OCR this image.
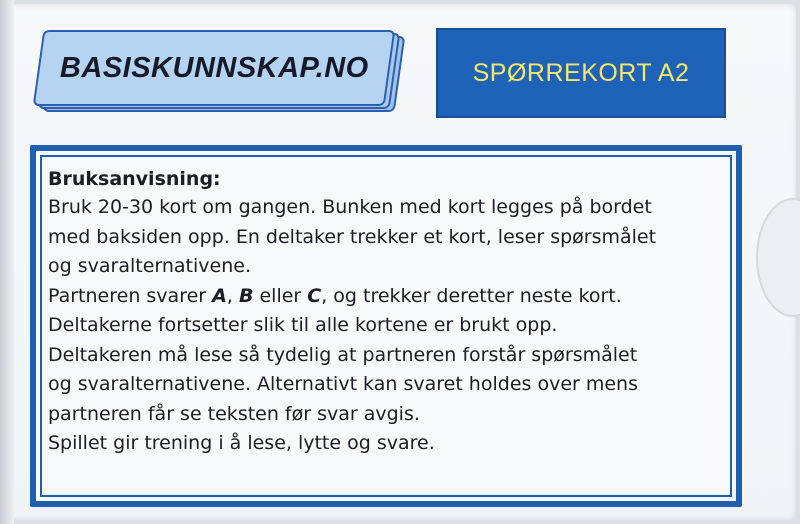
BASISKUNNSKAP.NO	SPØRREKORT A2

Bruksanvisning:

Bruk 20-30 kort om gangen. Bunken med kort legges på bordet

med baksiden opp. En deltaker trekker et kort, leser spørsmålet

og svaralternativene.

Partneren svarer A, B eller C, og trekker deretter neste kort.

Deltakerne fortsetter slik til alle kortene er brukt opp.

Deltakeren må lese så tydelig at partneren forstår spørsmålet

og svaralternativene. Alternativt kan svaret holdes over mens

partneren får se teksten før svar avgis.

Spillet gir trening i å lese, lytte og svare.
